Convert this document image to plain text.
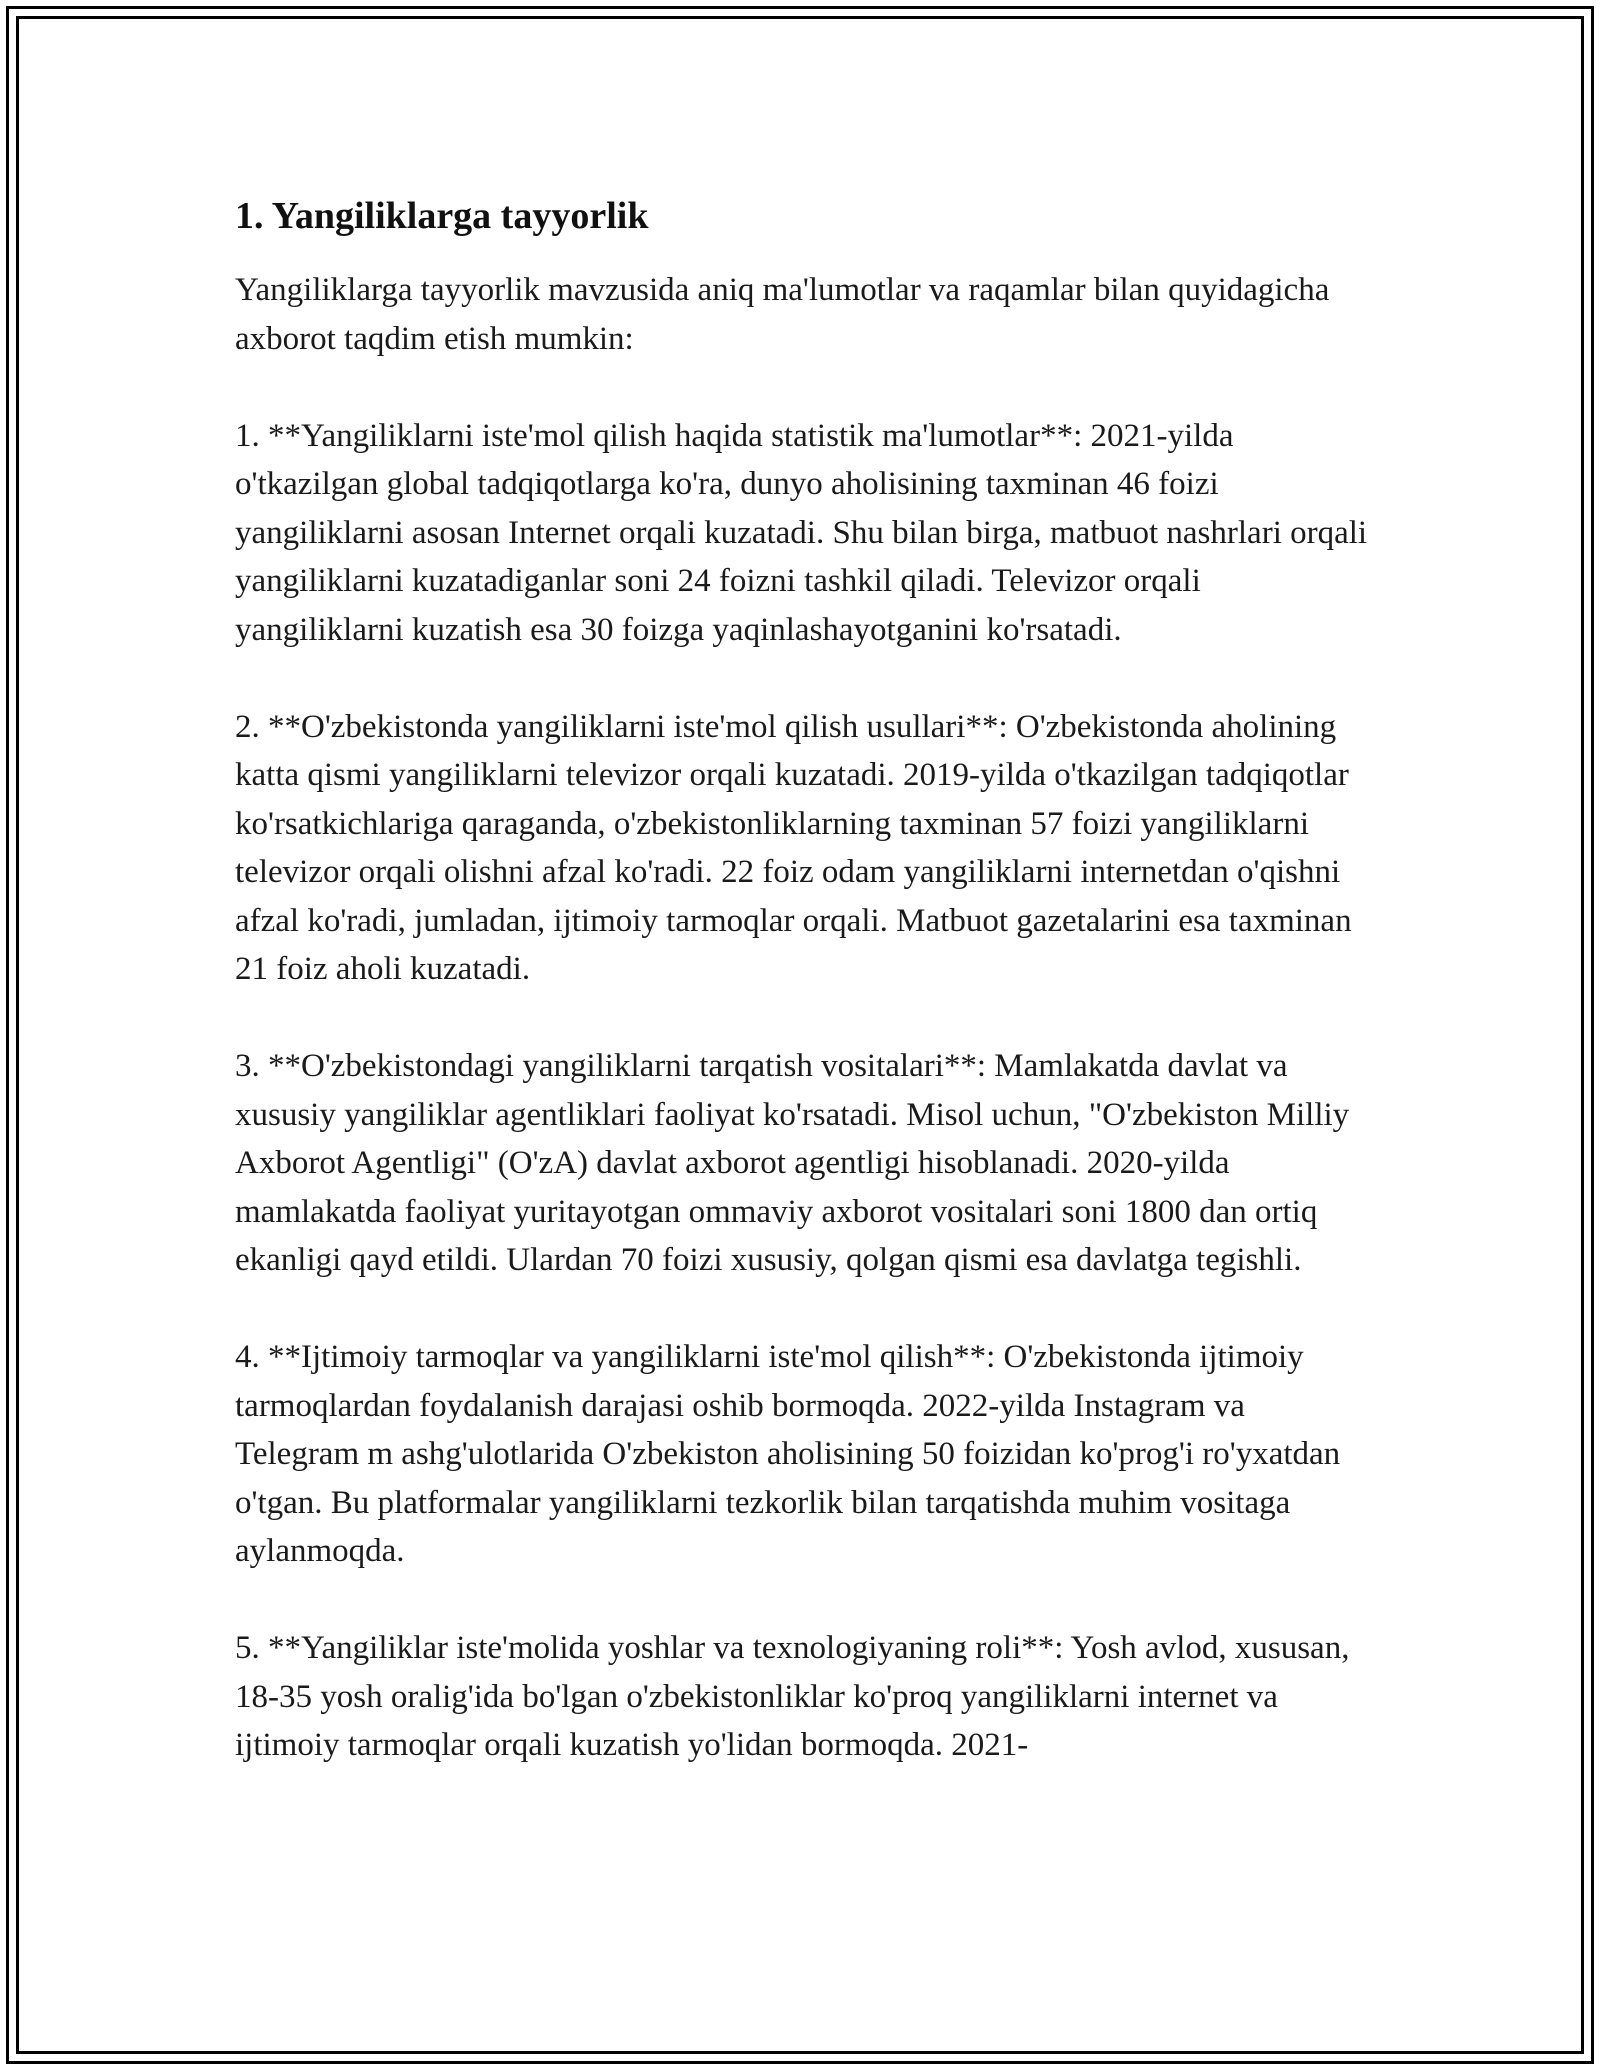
1. Yangiliklarga tayyorlik

Yangiliklarga tayyorlik mavzusida aniq ma'lumotlar va raqamlar bilan quyidagicha axborot taqdim etish mumkin:

1. **Yangiliklarni iste'mol qilish haqida statistik ma'lumotlar**: 2021-yilda o'tkazilgan global tadqiqotlarga ko'ra, dunyo aholisining taxminan 46 foizi yangiliklarni asosan Internet orqali kuzatadi. Shu bilan birga, matbuot nashrlari orqali yangiliklarni kuzatadiganlar soni 24 foizni tashkil qiladi. Televizor orqali yangiliklarni kuzatish esa 30 foizga yaqinlashayotganini ko'rsatadi.

2. **O'zbekistonda yangiliklarni iste'mol qilish usullari**: O'zbekistonda aholining katta qismi yangiliklarni televizor orqali kuzatadi. 2019-yilda o'tkazilgan tadqiqotlar ko'rsatkichlariga qaraganda, o'zbekistonliklarning taxminan 57 foizi yangiliklarni televizor orqali olishni afzal ko'radi. 22 foiz odam yangiliklarni internetdan o'qishni afzal ko'radi, jumladan, ijtimoiy tarmoqlar orqali. Matbuot gazetalarini esa taxminan 21 foiz aholi kuzatadi.

3. **O'zbekistondagi yangiliklarni tarqatish vositalari**: Mamlakatda davlat va xususiy yangiliklar agentliklari faoliyat ko'rsatadi. Misol uchun, "O'zbekiston Milliy Axborot Agentligi" (O'zA) davlat axborot agentligi hisoblanadi. 2020-yilda mamlakatda faoliyat yuritayotgan ommaviy axborot vositalari soni 1800 dan ortiq ekanligi qayd etildi. Ulardan 70 foizi xususiy, qolgan qismi esa davlatga tegishli.

4. **Ijtimoiy tarmoqlar va yangiliklarni iste'mol qilish**: O'zbekistonda ijtimoiy tarmoqlardan foydalanish darajasi oshib bormoqda. 2022-yilda Instagram va Telegram m ashg'ulotlarida O'zbekiston aholisining 50 foizidan ko'prog'i ro'yxatdan o'tgan. Bu platformalar yangiliklarni tezkorlik bilan tarqatishda muhim vositaga aylanmoqda.

5. **Yangiliklar iste'molida yoshlar va texnologiyaning roli**: Yosh avlod, xususan, 18-35 yosh oralig'ida bo'lgan o'zbekistonliklar ko'proq yangiliklarni internet va ijtimoiy tarmoqlar orqali kuzatish yo'lidan bormoqda. 2021-
